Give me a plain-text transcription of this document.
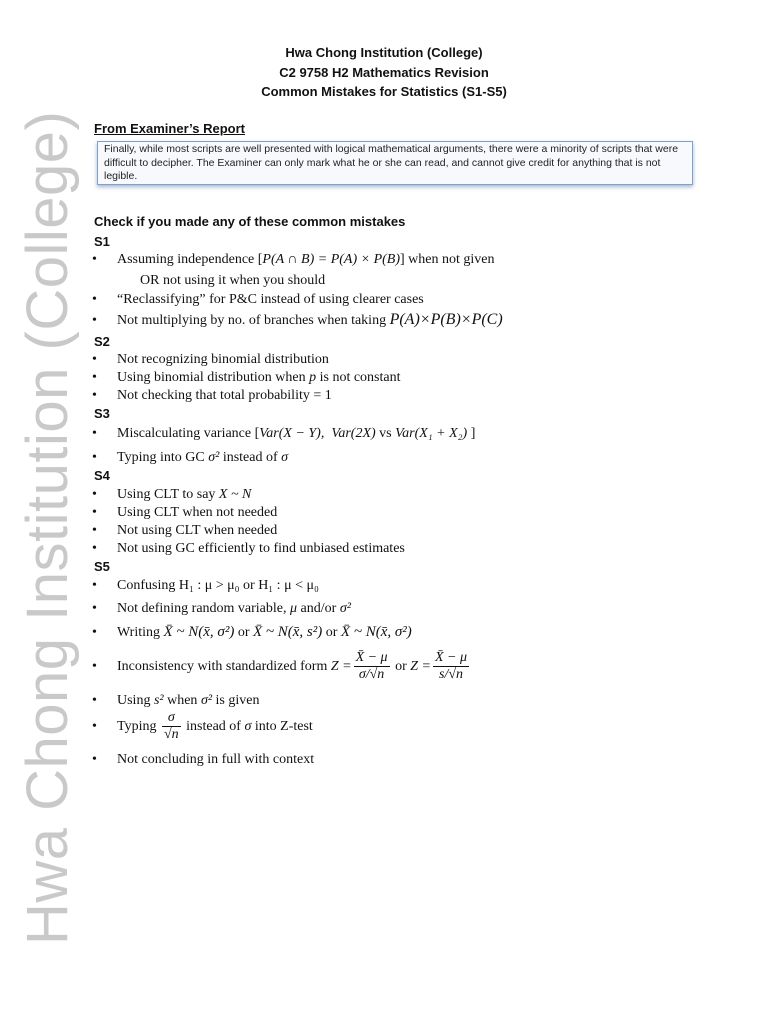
Hwa Chong Institution (College)
Hwa Chong Institution (College)
C2 9758 H2 Mathematics Revision
Common Mistakes for Statistics (S1-S5)
From Examiner’s Report
Finally, while most scripts are well presented with logical mathematical arguments, there were a minority of scripts that were difficult to decipher. The Examiner can only mark what he or she can read, and cannot give credit for anything that is not legible.
Check if you made any of these common mistakes
S1
• Assuming independence [P(A ∩ B) = P(A) × P(B)] when not given
OR not using it when you should
• “Reclassifying” for P&C instead of using clearer cases
• Not multiplying by no. of branches when taking P(A)×P(B)×P(C)
S2
• Not recognizing binomial distribution
• Using binomial distribution when p is not constant
• Not checking that total probability = 1
S3
• Miscalculating variance [Var(X − Y), Var(2X) vs Var(X₁ + X₂) ]
• Typing into GC σ² instead of σ
S4
• Using CLT to say X ~ N
• Using CLT when not needed
• Not using CLT when needed
• Not using GC efficiently to find unbiased estimates
S5
• Confusing H₁ : μ > μ₀ or H₁ : μ < μ₀
• Not defining random variable, μ and/or σ²
• Writing X̄ ~ N(x̄, σ²) or X̄ ~ N(x̄, s²) or X̄ ~ N(x̄, σ²)
• Inconsistency with standardized form $Z = \frac{X̄ - \mu}{\sigma/√n}$ or $Z = \frac{X̄ - \mu}{s/√n}$
• Using s² when σ² is given
• Typing $\frac{\sigma}{√n}$ instead of σ into Z-test
• Not concluding in full with context
